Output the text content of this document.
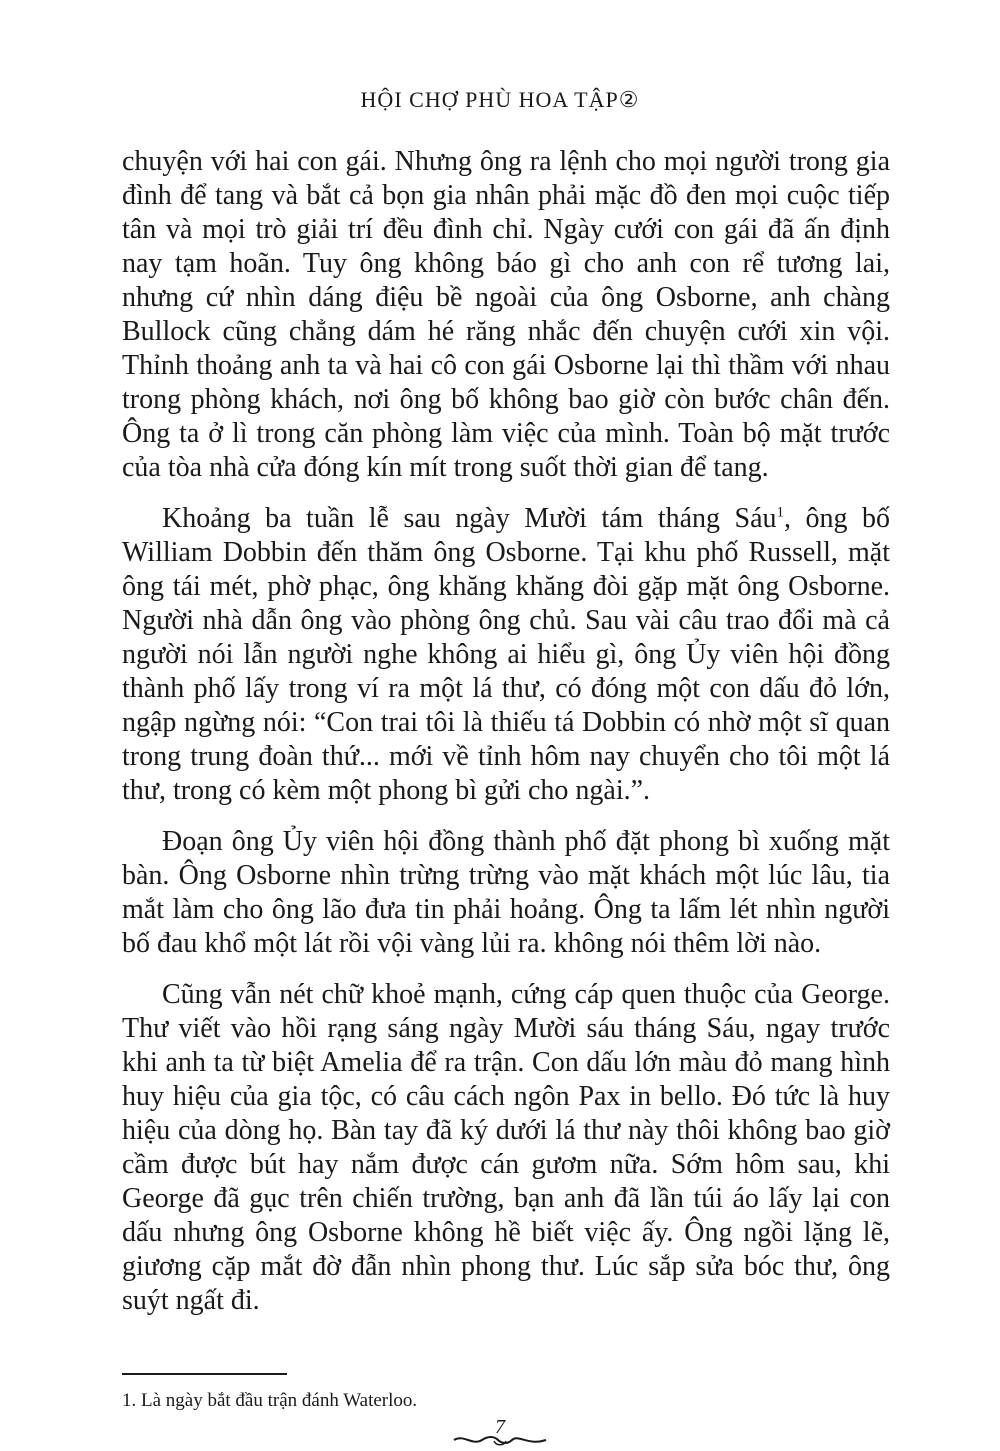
HỘI CHỢ PHÙ HOA TẬP②

chuyện với hai con gái. Nhưng ông ra lệnh cho mọi người trong gia đình để tang và bắt cả bọn gia nhân phải mặc đồ đen mọi cuộc tiếp tân và mọi trò giải trí đều đình chỉ. Ngày cưới con gái đã ấn định nay tạm hoãn. Tuy ông không báo gì cho anh con rể tương lai, nhưng cứ nhìn dáng điệu bề ngoài của ông Osborne, anh chàng Bullock cũng chẳng dám hé răng nhắc đến chuyện cưới xin vội. Thỉnh thoảng anh ta và hai cô con gái Osborne lại thì thầm với nhau trong phòng khách, nơi ông bố không bao giờ còn bước chân đến. Ông ta ở lì trong căn phòng làm việc của mình. Toàn bộ mặt trước của tòa nhà cửa đóng kín mít trong suốt thời gian để tang.

Khoảng ba tuần lễ sau ngày Mười tám tháng Sáu$^1$, ông bố William Dobbin đến thăm ông Osborne. Tại khu phố Russell, mặt ông tái mét, phờ phạc, ông khăng khăng đòi gặp mặt ông Osborne. Người nhà dẫn ông vào phòng ông chủ. Sau vài câu trao đổi mà cả người nói lẫn người nghe không ai hiểu gì, ông Ủy viên hội đồng thành phố lấy trong ví ra một lá thư, có đóng một con dấu đỏ lớn, ngập ngừng nói: “Con trai tôi là thiếu tá Dobbin có nhờ một sĩ quan trong trung đoàn thứ... mới về tỉnh hôm nay chuyển cho tôi một lá thư, trong có kèm một phong bì gửi cho ngài.”.

Đoạn ông Ủy viên hội đồng thành phố đặt phong bì xuống mặt bàn. Ông Osborne nhìn trừng trừng vào mặt khách một lúc lâu, tia mắt làm cho ông lão đưa tin phải hoảng. Ông ta lấm lét nhìn người bố đau khổ một lát rồi vội vàng lủi ra. không nói thêm lời nào.

Cũng vẫn nét chữ khoẻ mạnh, cứng cáp quen thuộc của George. Thư viết vào hồi rạng sáng ngày Mười sáu tháng Sáu, ngay trước khi anh ta từ biệt Amelia để ra trận. Con dấu lớn màu đỏ mang hình huy hiệu của gia tộc, có câu cách ngôn Pax in bello. Đó tức là huy hiệu của dòng họ. Bàn tay đã ký dưới lá thư này thôi không bao giờ cầm được bút hay nắm được cán gươm nữa. Sớm hôm sau, khi George đã gục trên chiến trường, bạn anh đã lần túi áo lấy lại con dấu nhưng ông Osborne không hề biết việc ấy. Ông ngồi lặng lẽ, giương cặp mắt đờ đẫn nhìn phong thư. Lúc sắp sửa bóc thư, ông suýt ngất đi.

1. Là ngày bắt đầu trận đánh Waterloo.
7
